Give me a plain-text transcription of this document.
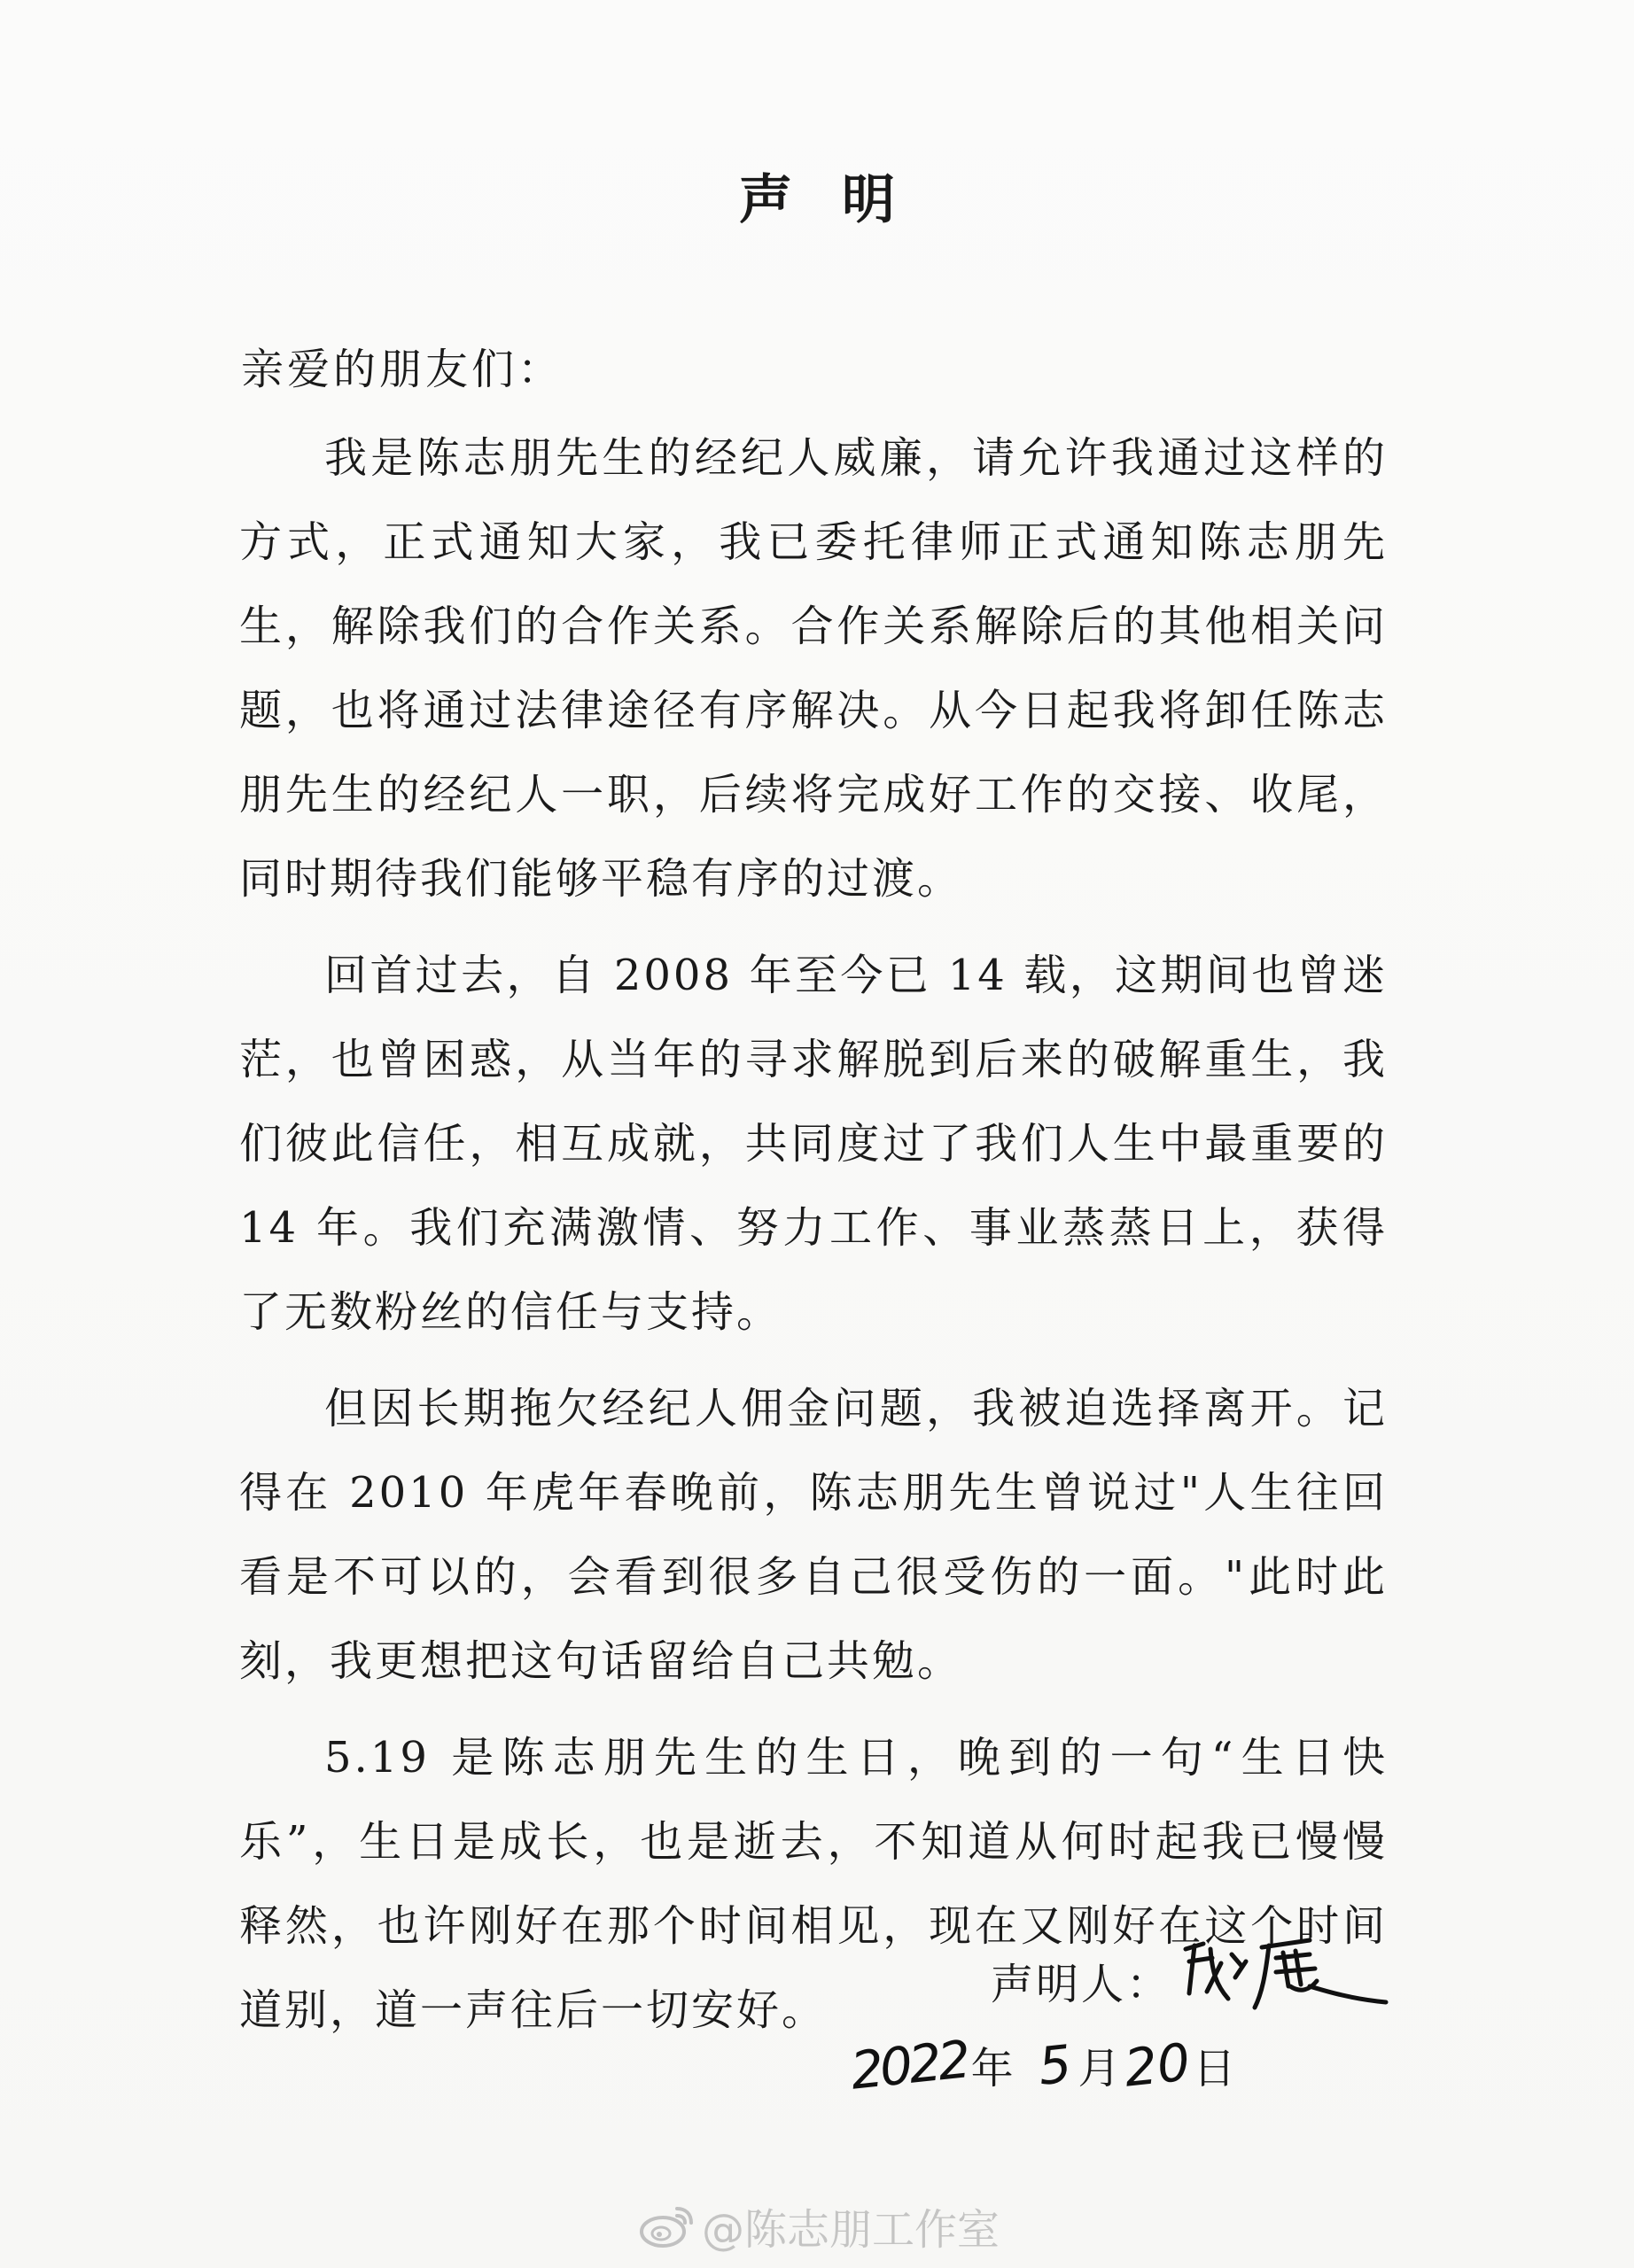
声明
亲爱的朋友们：

我是陈志朋先生的经纪人威廉，请允许我通过这样的方式，正式通知大家，我已委托律师正式通知陈志朋先生，解除我们的合作关系。合作关系解除后的其他相关问题，也将通过法律途径有序解决。从今日起我将卸任陈志朋先生的经纪人一职，后续将完成好工作的交接、收尾，同时期待我们能够平稳有序的过渡。

回首过去，自 2008 年至今已 14 载，这期间也曾迷茫，也曾困惑，从当年的寻求解脱到后来的破解重生，我们彼此信任，相互成就，共同度过了我们人生中最重要的 14 年。我们充满激情、努力工作、事业蒸蒸日上，获得了无数粉丝的信任与支持。

但因长期拖欠经纪人佣金问题，我被迫选择离开。记得在 2010 年虎年春晚前，陈志朋先生曾说过"人生往回看是不可以的，会看到很多自己很受伤的一面。"此时此刻，我更想把这句话留给自己共勉。

5.19 是陈志朋先生的生日，晚到的一句“生日快乐”，生日是成长，也是逝去，不知道从何时起我已慢慢释然，也许刚好在那个时间相见，现在又刚好在这个时间道别，道一声往后一切安好。

声明人：
2022 年 5 月 20 日
@陈志朋工作室
